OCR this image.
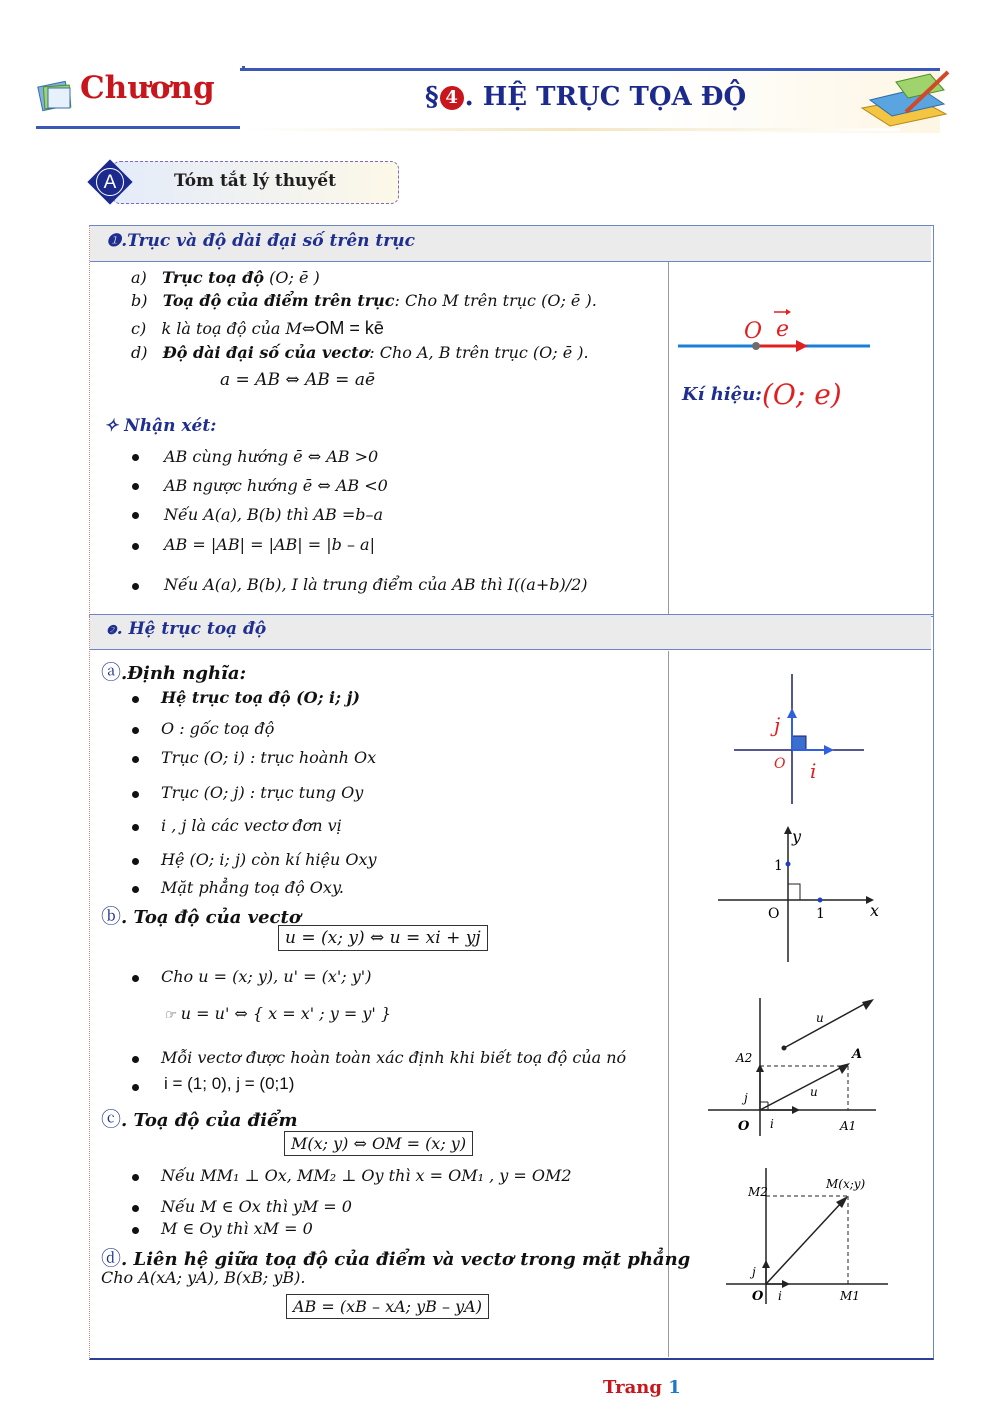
Chương	§ 4 . HỆ TRỤC TỌA ĐỘ
A	Tóm tắt lý thuyết
❶.Trục và độ dài đại số trên trục
a) Trục toạ độ (O; ē )
b) Toạ độ của điểm trên trục: Cho M trên trục (O; ē ).
c) k là toạ độ của M⇔OM = kē
d) Độ dài đại số của vectơ: Cho A, B trên trục (O; ē ).
a = AB ⇔ AB = aē
✧ Nhận xét:
AB cùng hướng ē ⇔ AB >0
AB ngược hướng ē ⇔ AB <0
Nếu A(a), B(b) thì AB =b–a
AB = |AB| = |AB| = |b – a|
Nếu A(a), B(b), I là trung điểm của AB thì I((a+b)/2)
O e
Kí hiệu: (O; e)
❷. Hệ trục toạ độ
ⓐ.Định nghĩa:
Hệ trục toạ độ (O; i; j)
O : gốc toạ độ
Trục (O; i) : trục hoành Ox
Trục (O; j) : trục tung Oy
i , j là các vectơ đơn vị
Hệ (O; i; j) còn kí hiệu Oxy
Mặt phẳng toạ độ Oxy.
ⓑ. Toạ độ của vectơ
u = (x; y) ⇔ u = xi + yj
Cho u = (x; y), u' = (x'; y')
☞ u = u' ⇔ { x = x' ; y = y' }
Mỗi vectơ được hoàn toàn xác định khi biết toạ độ của nó
i = (1; 0), j = (0;1)
ⓒ. Toạ độ của điểm
M(x; y) ⇔ OM = (x; y)
Nếu MM₁ ⊥ Ox, MM₂ ⊥ Oy thì x = OM₁ , y = OM2
Nếu M ∈ Ox thì yM = 0
M ∈ Oy thì xM = 0
ⓓ. Liên hệ giữa toạ độ của điểm và vectơ trong mặt phẳng
Cho A(xA; yA), B(xB; yB).
AB = (xB – xA; yB – yA)
j
O i
y
1
O	1	x
u
A2	A
j	u
O i	A1
M2
M(x;y)
j
O i	M1
Trang 1
